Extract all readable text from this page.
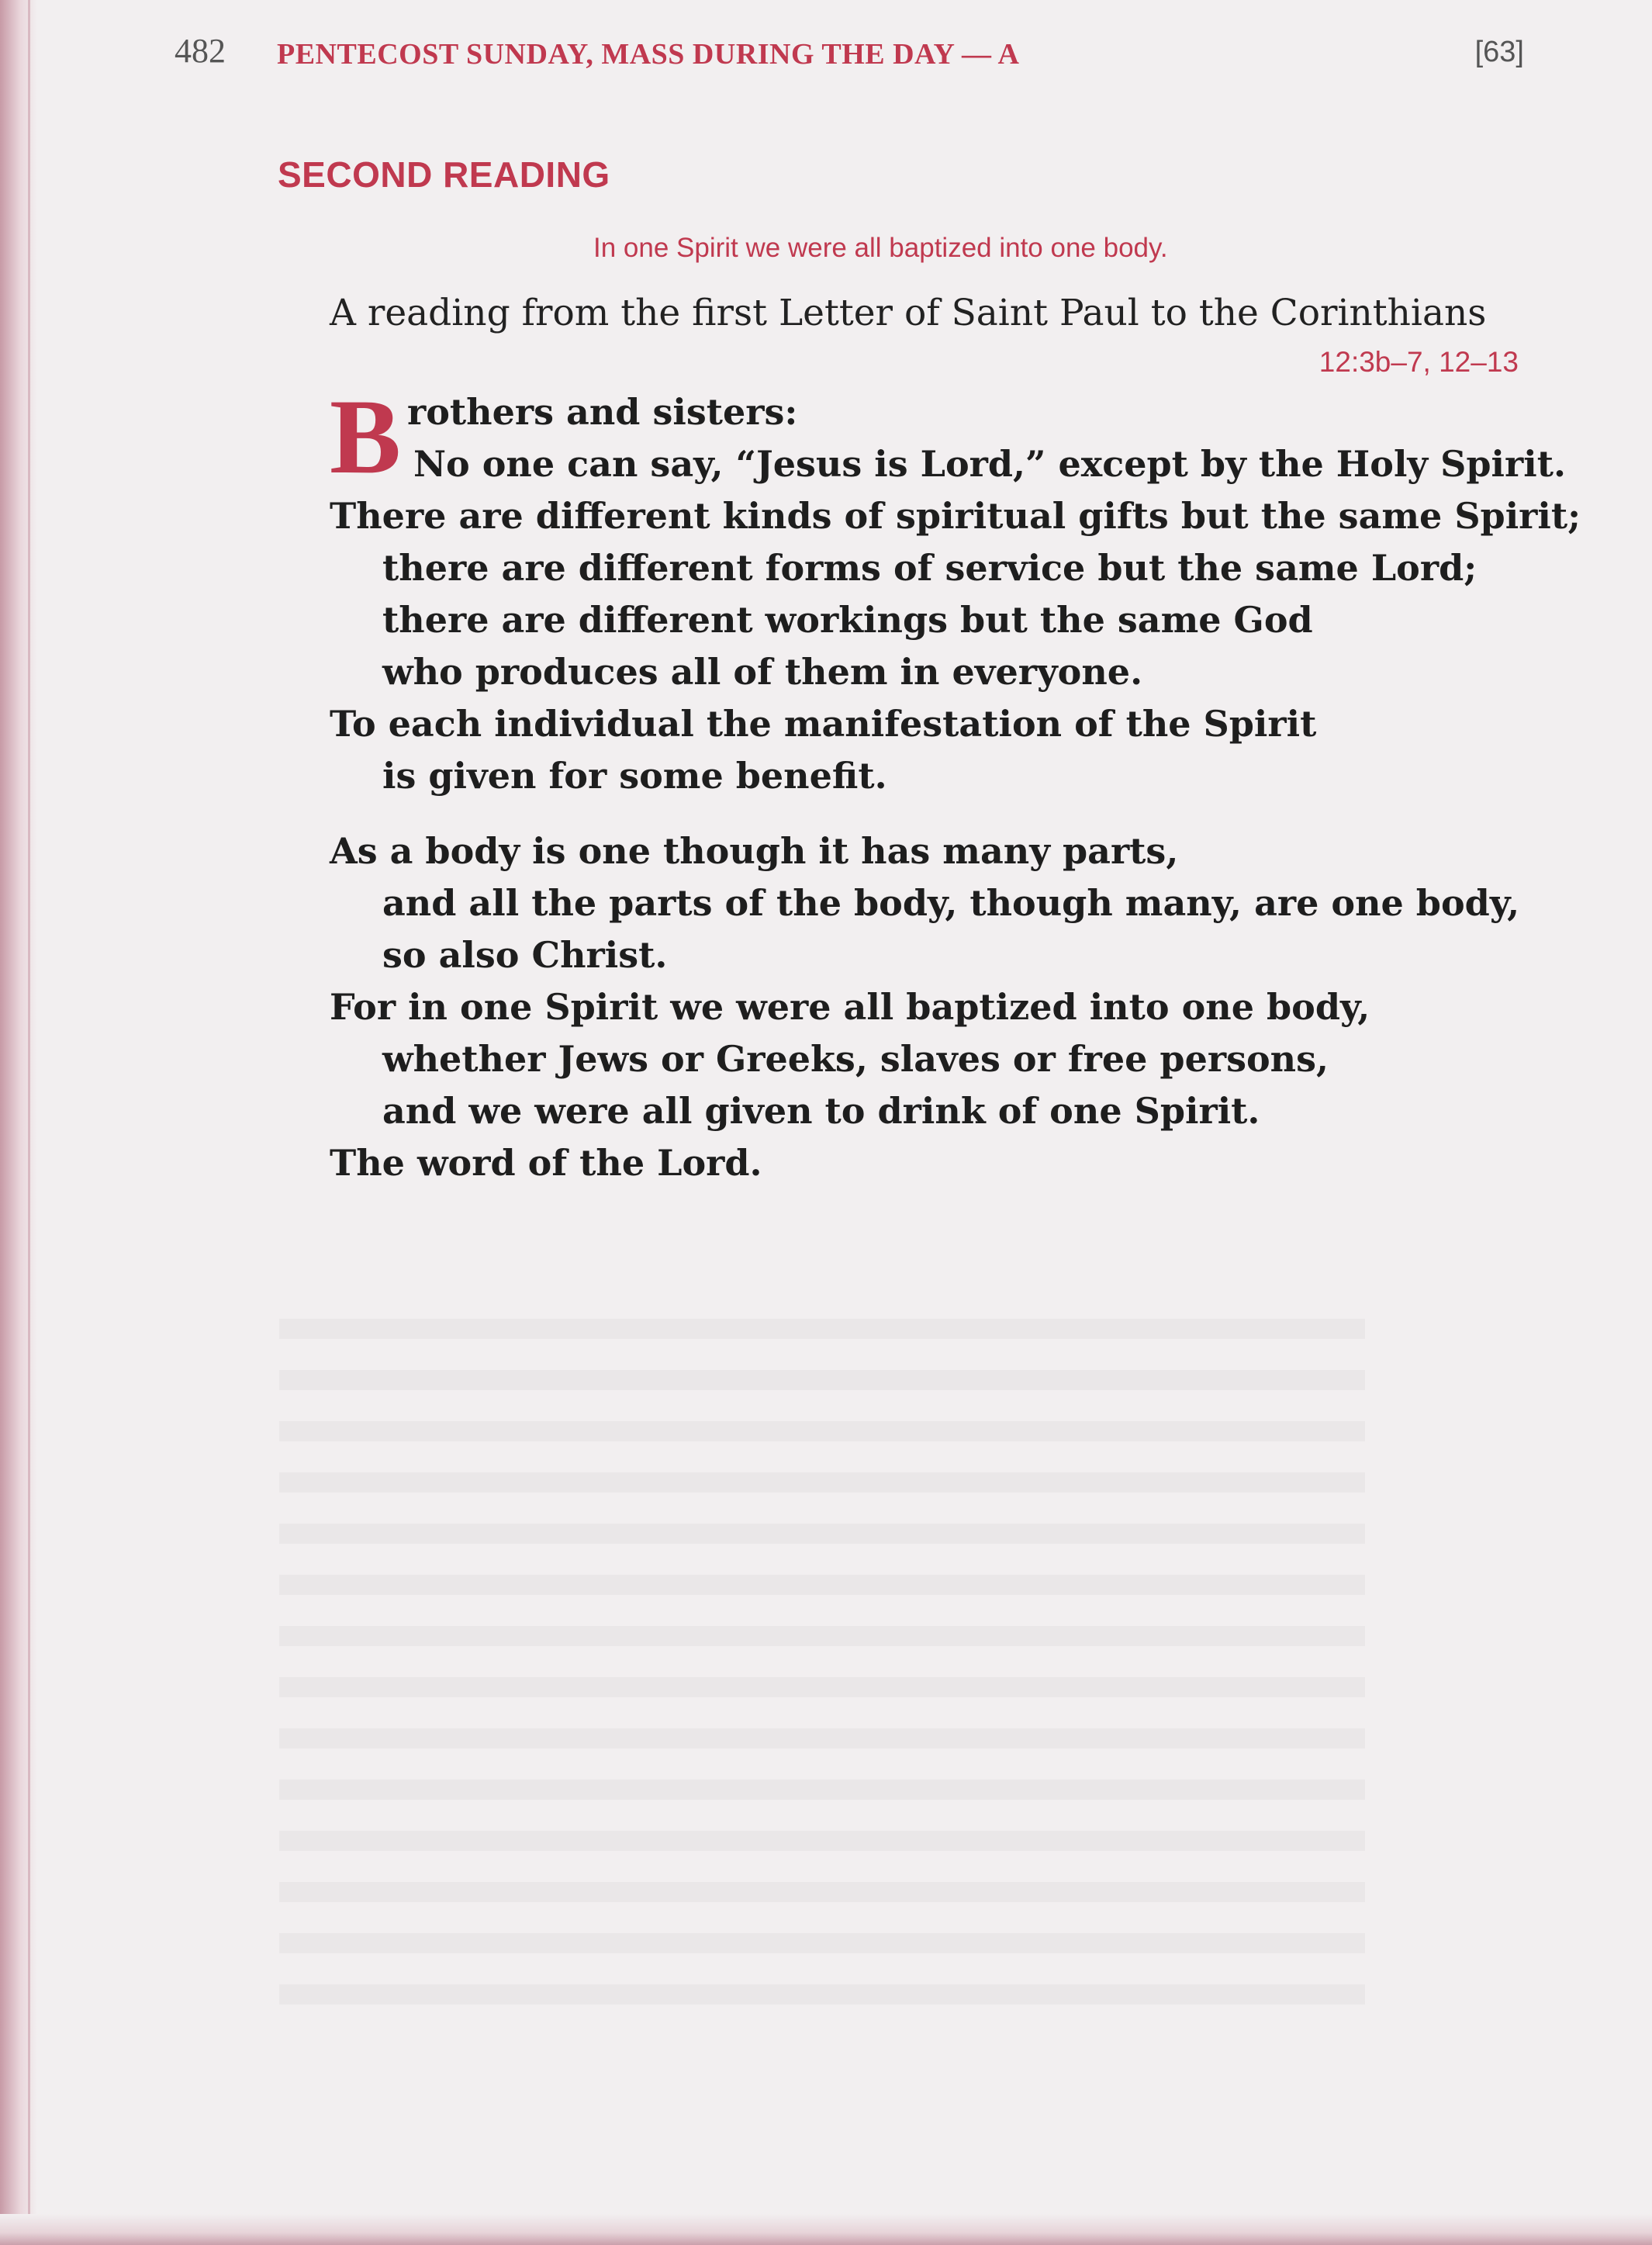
482 PENTECOST SUNDAY, MASS DURING THE DAY — A	[63]
SECOND READING
In one Spirit we were all baptized into one body.
A reading from the first Letter of Saint Paul to the Corinthians
12:3b–7, 12–13
B rothers and sisters:
No one can say, “Jesus is Lord,” except by the Holy Spirit.
There are different kinds of spiritual gifts but the same Spirit;
there are different forms of service but the same Lord;
there are different workings but the same God
who produces all of them in everyone.
To each individual the manifestation of the Spirit
is given for some benefit.
As a body is one though it has many parts,
and all the parts of the body, though many, are one body,
so also Christ.
For in one Spirit we were all baptized into one body,
whether Jews or Greeks, slaves or free persons,
and we were all given to drink of one Spirit.
The word of the Lord.
